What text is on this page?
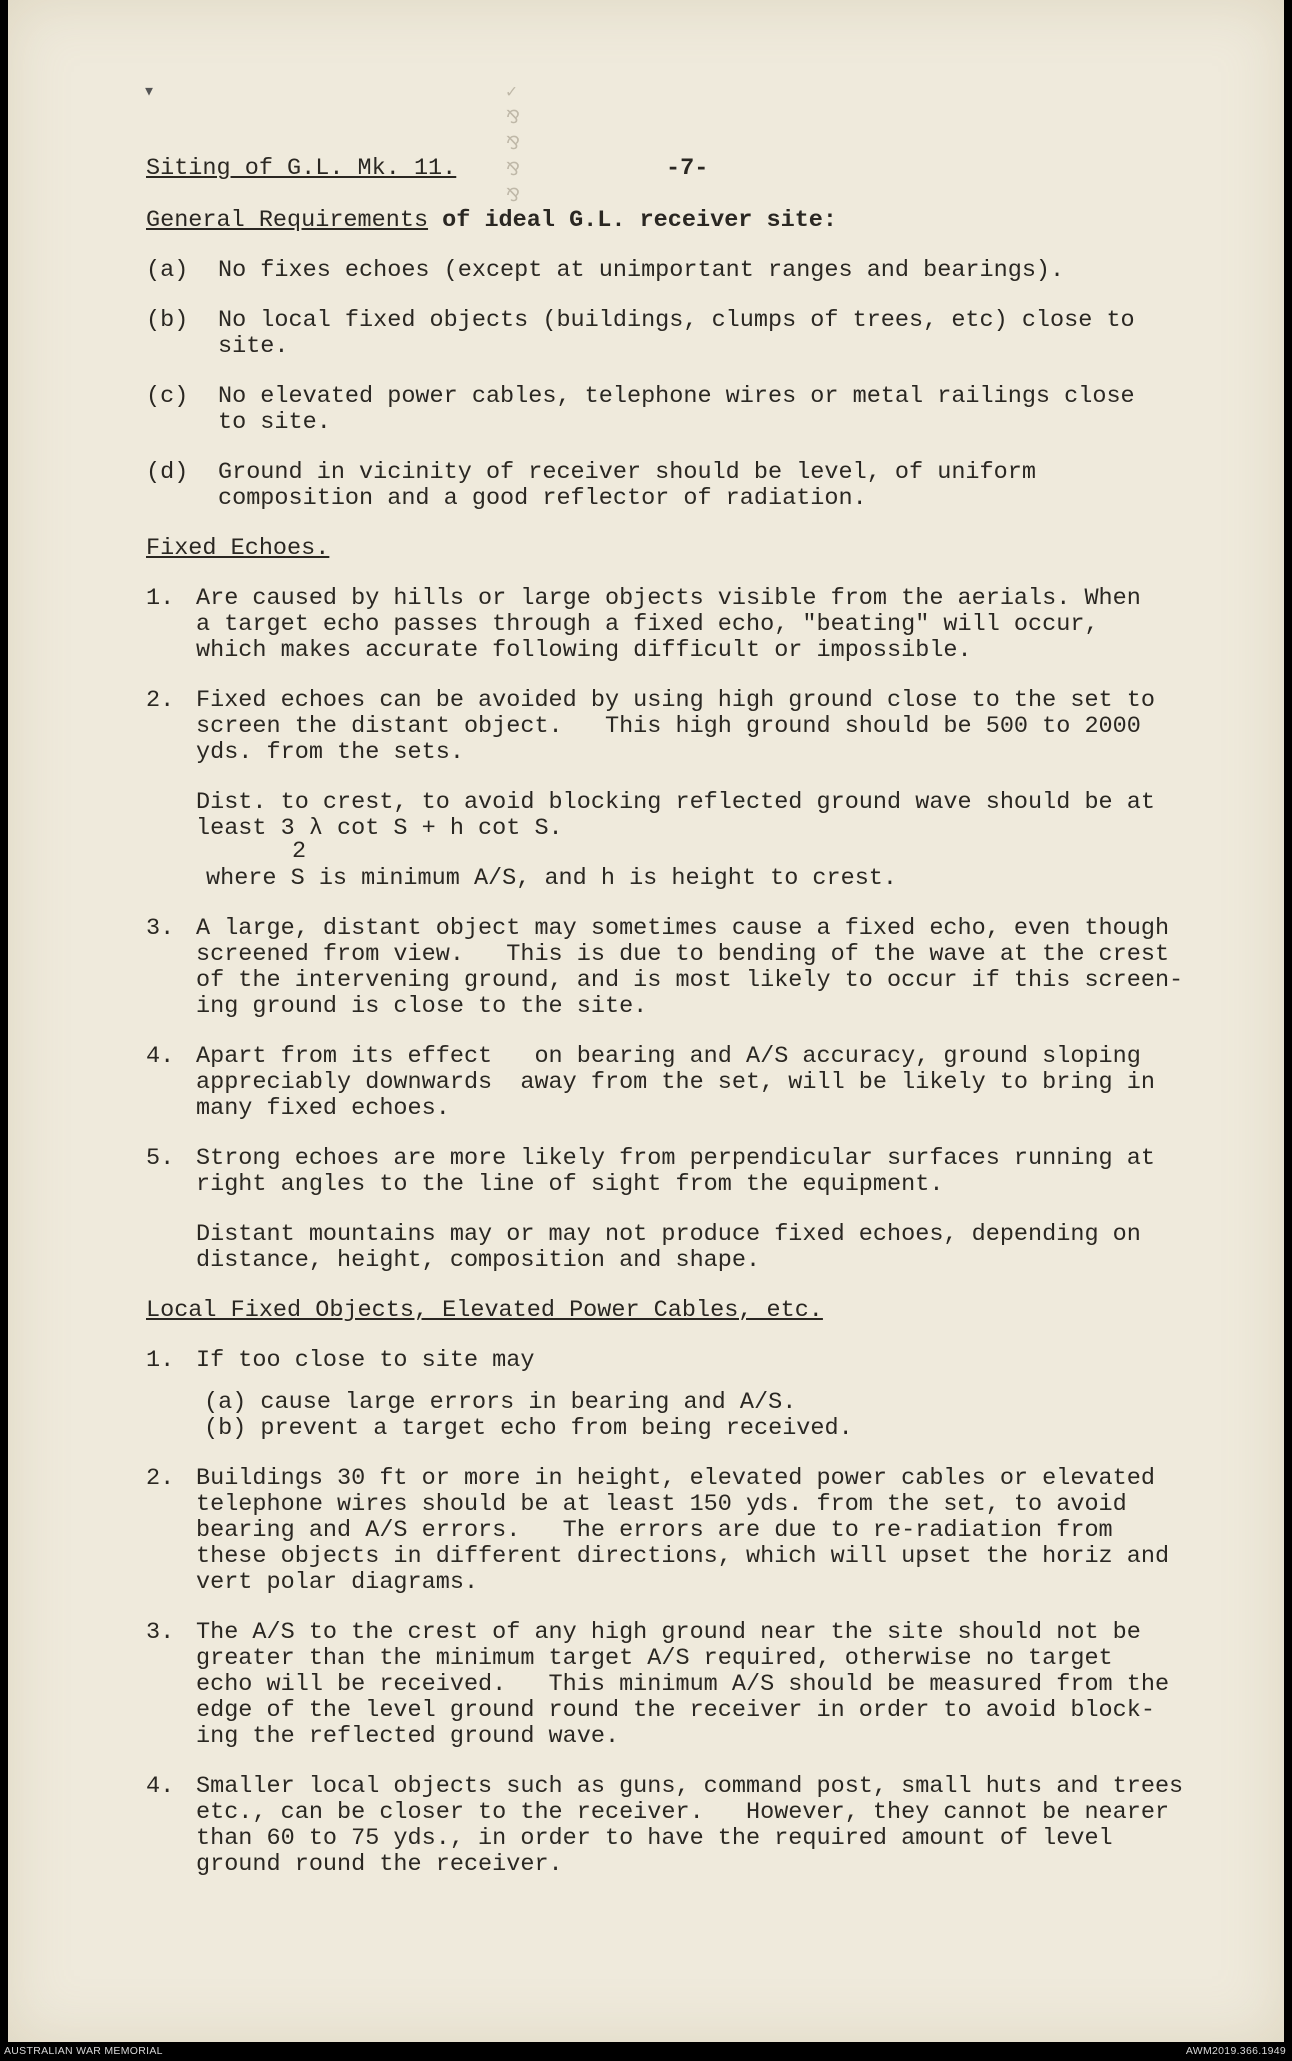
▾	✓ ⅋ ⅋ ⅋ ⅋
Siting of G.L. Mk. 11.	-7-
General Requirements of ideal G.L. receiver site:
(a)	No fixes echoes (except at unimportant ranges and bearings).
(b)	No local fixed objects (buildings, clumps of trees, etc) close to
site.
(c)	No elevated power cables, telephone wires or metal railings close
to site.
(d)	Ground in vicinity of receiver should be level, of uniform
composition and a good reflector of radiation.
Fixed Echoes.
1. Are caused by hills or large objects visible from the aerials. When
a target echo passes through a fixed echo, "beating" will occur,
which makes accurate following difficult or impossible.
2. Fixed echoes can be avoided by using high ground close to the set to
screen the distant object.   This high ground should be 500 to 2000
yds. from the sets.
Dist. to crest, to avoid blocking reflected ground wave should be at
least 3 λ cot S + h cot S.
2
where S is minimum A/S, and h is height to crest.
3. A large, distant object may sometimes cause a fixed echo, even though
screened from view.   This is due to bending of the wave at the crest
of the intervening ground, and is most likely to occur if this screen-
ing ground is close to the site.
4. Apart from its effect   on bearing and A/S accuracy, ground sloping
appreciably downwards  away from the set, will be likely to bring in
many fixed echoes.
5. Strong echoes are more likely from perpendicular surfaces running at
right angles to the line of sight from the equipment.
Distant mountains may or may not produce fixed echoes, depending on
distance, height, composition and shape.
Local Fixed Objects, Elevated Power Cables, etc.
1. If too close to site may
(a) cause large errors in bearing and A/S.
(b) prevent a target echo from being received.
2. Buildings 30 ft or more in height, elevated power cables or elevated
telephone wires should be at least 150 yds. from the set, to avoid
bearing and A/S errors.   The errors are due to re-radiation from
these objects in different directions, which will upset the horiz and
vert polar diagrams.
3. The A/S to the crest of any high ground near the site should not be
greater than the minimum target A/S required, otherwise no target
echo will be received.   This minimum A/S should be measured from the
edge of the level ground round the receiver in order to avoid block-
ing the reflected ground wave.
4. Smaller local objects such as guns, command post, small huts and trees
etc., can be closer to the receiver.   However, they cannot be nearer
than 60 to 75 yds., in order to have the required amount of level
ground round the receiver.
AUSTRALIAN WAR MEMORIAL	AWM2019.366.1949
